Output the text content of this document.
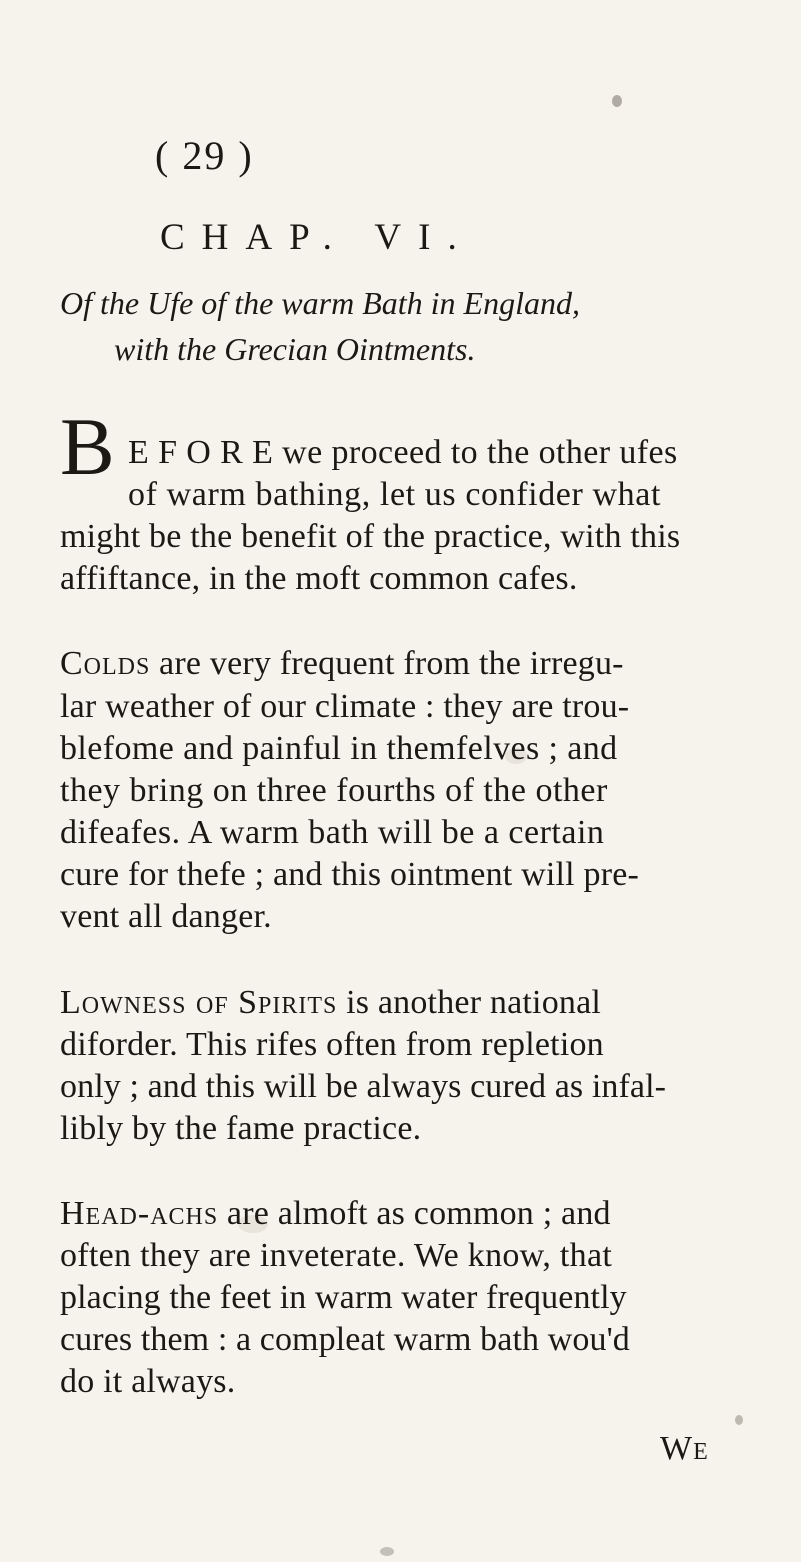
( 29 )
CHAP. VI.
Of the Ufe of the warm Bath in England,
with the Grecian Ointments.
B E F O R E we proceed to the other ufes
of warm bathing, let us confider what
might be the benefit of the practice, with this
affiftance, in the moft common cafes.
Colds are very frequent from the irregu-
lar weather of our climate : they are trou-
blefome and painful in themfelves ; and
they bring on three fourths of the other
difeafes. A warm bath will be a certain
cure for thefe ; and this ointment will pre-
vent all danger.
Lowness of Spirits is another national
diforder. This rifes often from repletion
only ; and this will be always cured as infal-
libly by the fame practice.
Head-achs are almoft as common ; and
often they are inveterate. We know, that
placing the feet in warm water frequently
cures them : a compleat warm bath wou'd
do it always.
We
